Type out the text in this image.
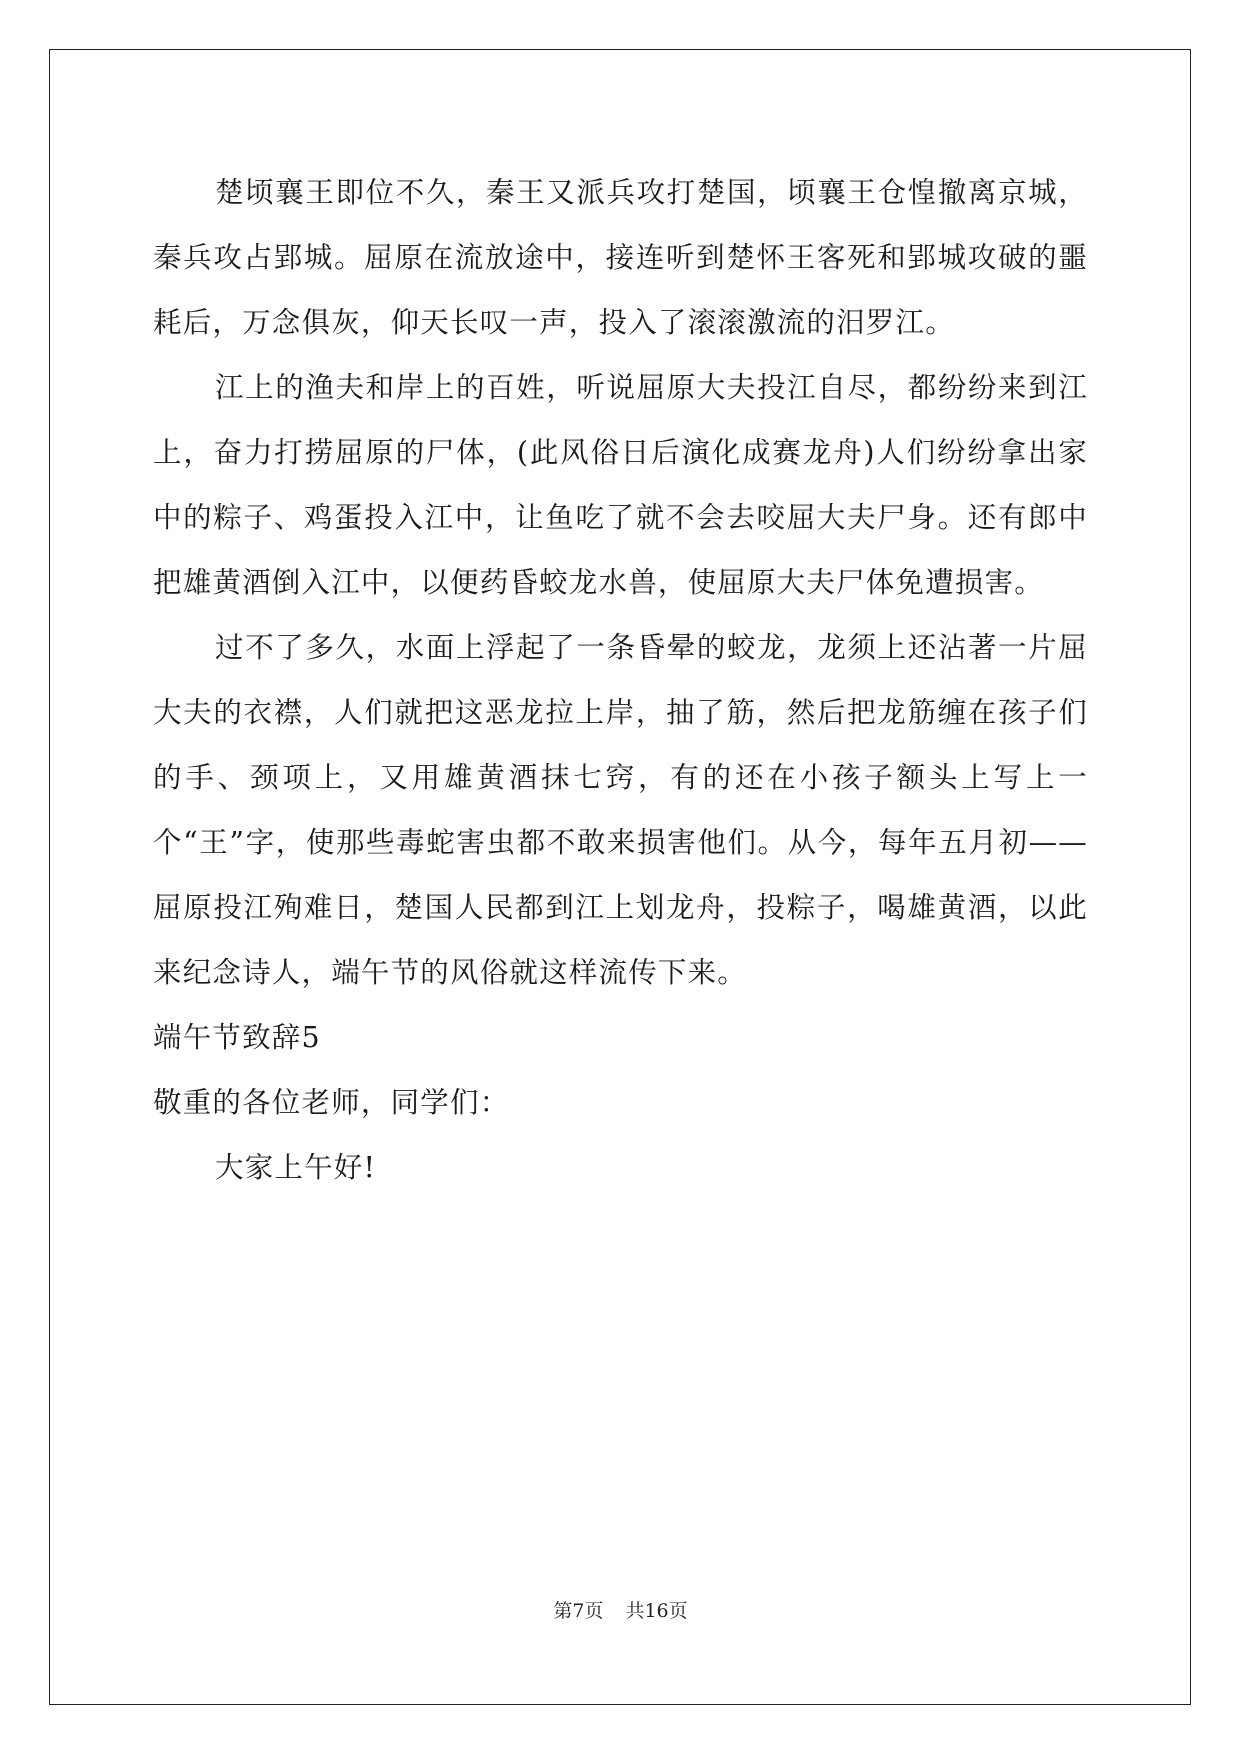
楚顷襄王即位不久，秦王又派兵攻打楚国，顷襄王仓惶撤离京城，秦兵攻占郢城。屈原在流放途中，接连听到楚怀王客死和郢城攻破的噩耗后，万念俱灰，仰天长叹一声，投入了滚滚激流的汨罗江。

江上的渔夫和岸上的百姓，听说屈原大夫投江自尽，都纷纷来到江上，奋力打捞屈原的尸体，(此风俗日后演化成赛龙舟)人们纷纷拿出家中的粽子、鸡蛋投入江中，让鱼吃了就不会去咬屈大夫尸身。还有郎中把雄黄酒倒入江中，以便药昏蛟龙水兽，使屈原大夫尸体免遭损害。

过不了多久，水面上浮起了一条昏晕的蛟龙，龙须上还沾著一片屈大夫的衣襟，人们就把这恶龙拉上岸，抽了筋，然后把龙筋缠在孩子们的手、颈项上，又用雄黄酒抹七窍，有的还在小孩子额头上写上一个“王”字，使那些毒蛇害虫都不敢来损害他们。从今，每年五月初——屈原投江殉难日，楚国人民都到江上划龙舟，投粽子，喝雄黄酒，以此来纪念诗人，端午节的风俗就这样流传下来。

端午节致辞5

敬重的各位老师，同学们：

大家上午好!

第7页 共16页
